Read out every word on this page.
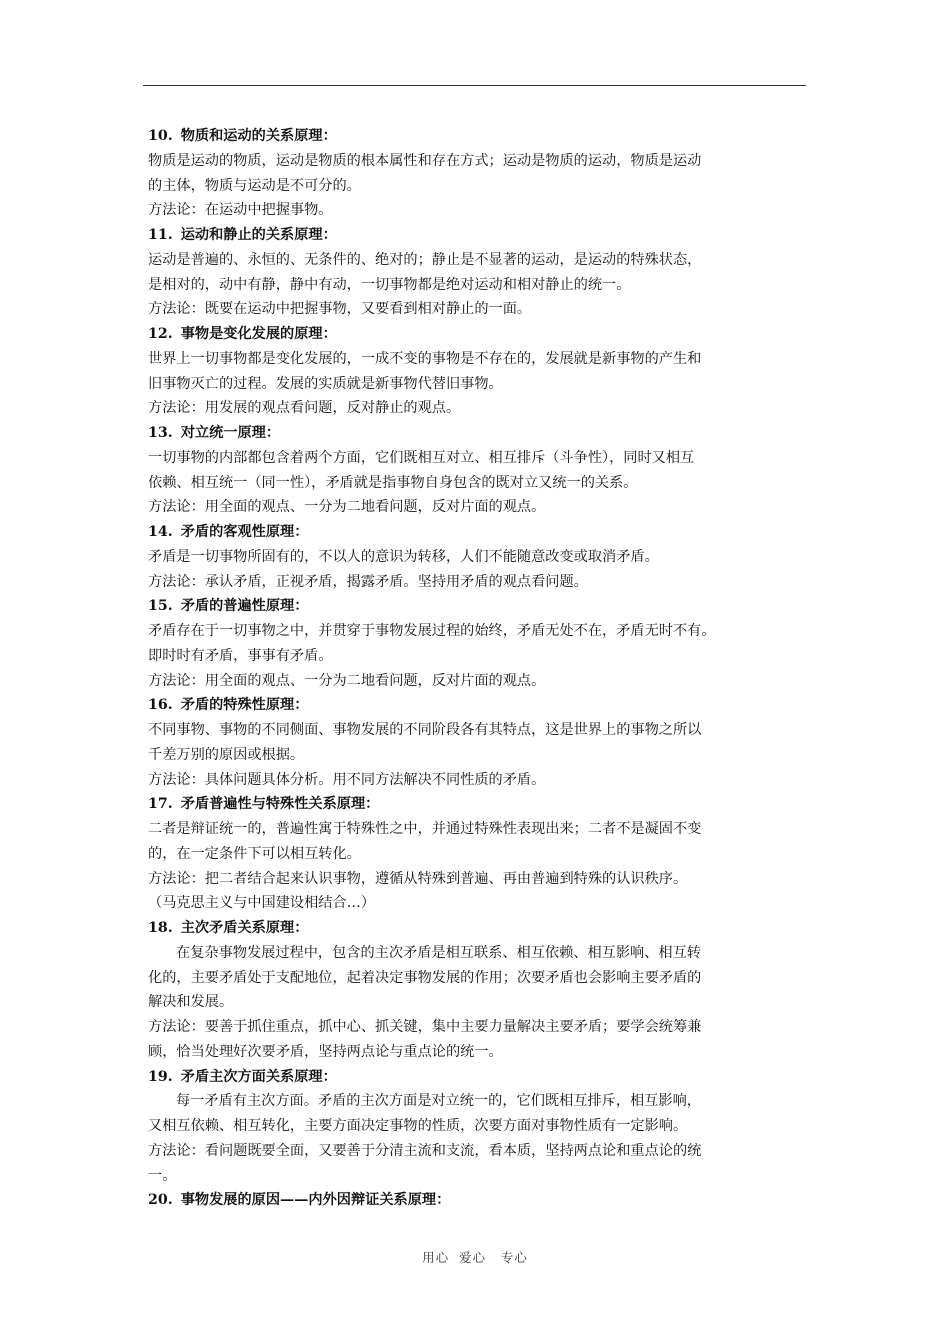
10. 物质和运动的关系原理：
物质是运动的物质，运动是物质的根本属性和存在方式；运动是物质的运动，物质是运动
的主体，物质与运动是不可分的。
方法论：在运动中把握事物。
11. 运动和静止的关系原理：
运动是普遍的、永恒的、无条件的、绝对的；静止是不显著的运动，是运动的特殊状态，
是相对的，动中有静，静中有动，一切事物都是绝对运动和相对静止的统一。
方法论：既要在运动中把握事物，又要看到相对静止的一面。
12. 事物是变化发展的原理：
世界上一切事物都是变化发展的，一成不变的事物是不存在的，发展就是新事物的产生和
旧事物灭亡的过程。发展的实质就是新事物代替旧事物。
方法论：用发展的观点看问题，反对静止的观点。
13. 对立统一原理：
一切事物的内部都包含着两个方面，它们既相互对立、相互排斥（斗争性），同时又相互
依赖、相互统一（同一性），矛盾就是指事物自身包含的既对立又统一的关系。
方法论：用全面的观点、一分为二地看问题，反对片面的观点。
14. 矛盾的客观性原理：
矛盾是一切事物所固有的，不以人的意识为转移，人们不能随意改变或取消矛盾。
方法论：承认矛盾，正视矛盾，揭露矛盾。坚持用矛盾的观点看问题。
15. 矛盾的普遍性原理：
矛盾存在于一切事物之中，并贯穿于事物发展过程的始终，矛盾无处不在，矛盾无时不有。
即时时有矛盾，事事有矛盾。
方法论：用全面的观点、一分为二地看问题，反对片面的观点。
16. 矛盾的特殊性原理：
不同事物、事物的不同侧面、事物发展的不同阶段各有其特点，这是世界上的事物之所以
千差万别的原因或根据。
方法论：具体问题具体分析。用不同方法解决不同性质的矛盾。
17. 矛盾普遍性与特殊性关系原理：
二者是辩证统一的，普遍性寓于特殊性之中，并通过特殊性表现出来；二者不是凝固不变
的，在一定条件下可以相互转化。
方法论：把二者结合起来认识事物，遵循从特殊到普遍、再由普遍到特殊的认识秩序。
（马克思主义与中国建设相结合…）
18. 主次矛盾关系原理：
在复杂事物发展过程中，包含的主次矛盾是相互联系、相互依赖、相互影响、相互转
化的，主要矛盾处于支配地位，起着决定事物发展的作用；次要矛盾也会影响主要矛盾的
解决和发展。
方法论：要善于抓住重点，抓中心、抓关键，集中主要力量解决主要矛盾；要学会统筹兼
顾，恰当处理好次要矛盾，坚持两点论与重点论的统一。
19. 矛盾主次方面关系原理：
每一矛盾有主次方面。矛盾的主次方面是对立统一的，它们既相互排斥，相互影响，
又相互依赖、相互转化，主要方面决定事物的性质，次要方面对事物性质有一定影响。
方法论：看问题既要全面，又要善于分清主流和支流，看本质，坚持两点论和重点论的统
一。
20. 事物发展的原因——内外因辩证关系原理：
用心  爱心   专心
